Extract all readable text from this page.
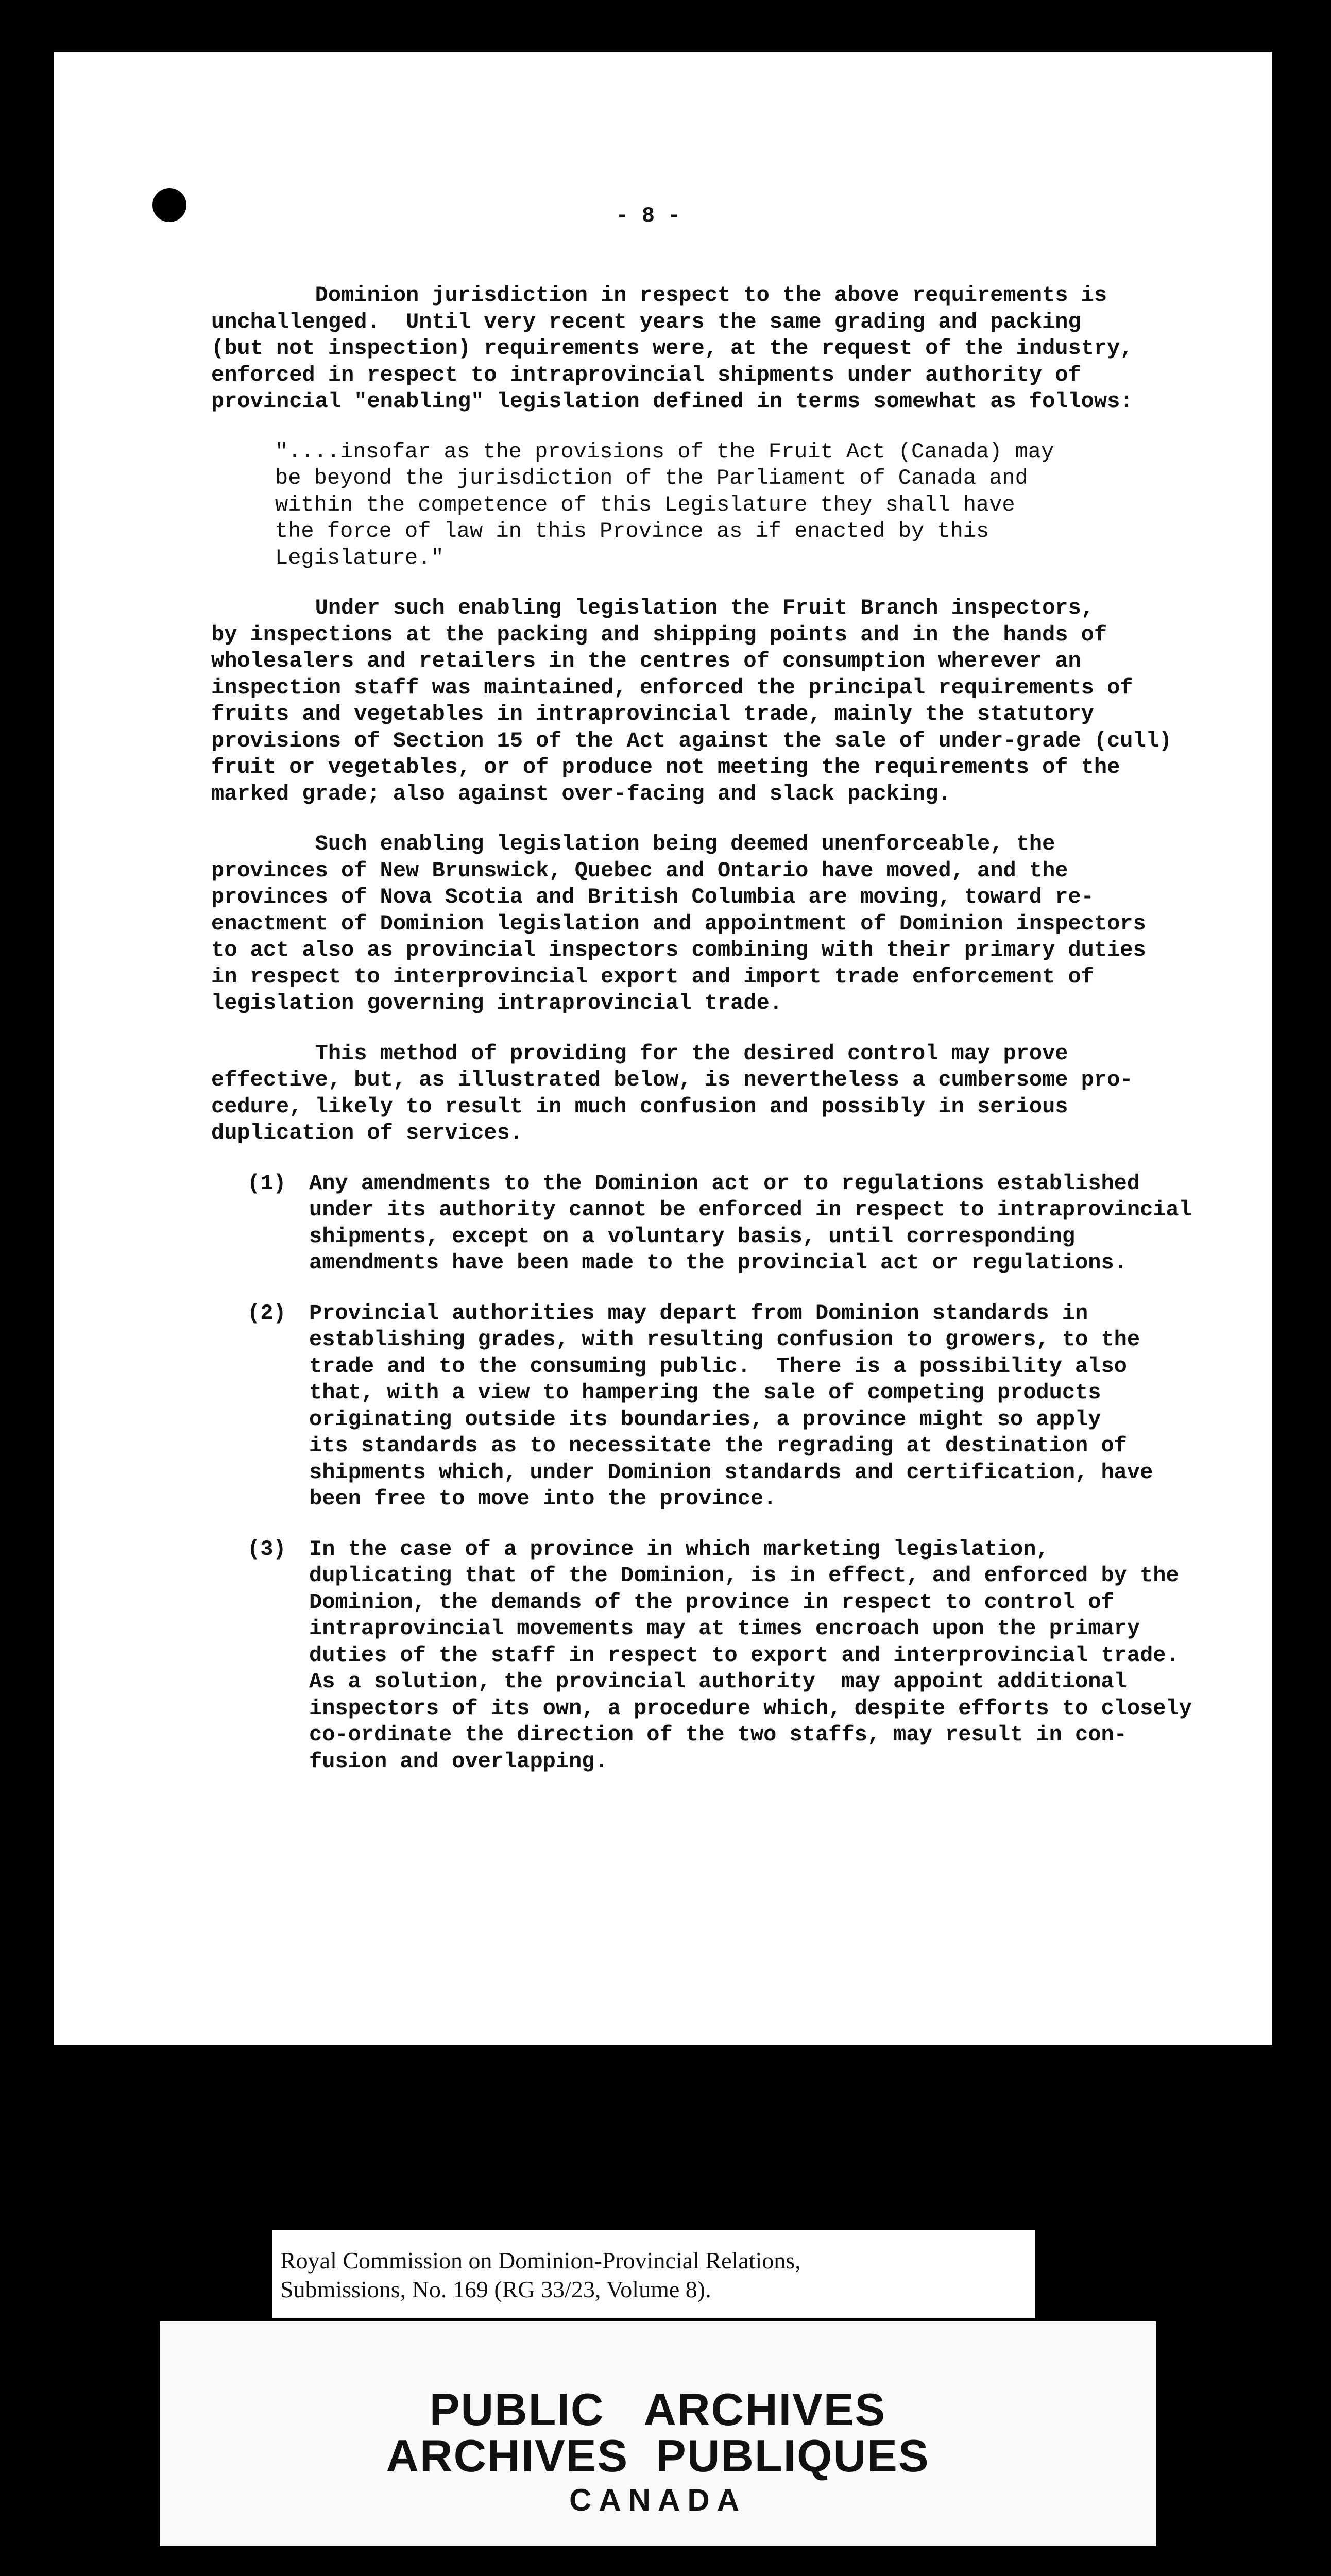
- 8 -

Dominion jurisdiction in respect to the above requirements is
unchallenged.  Until very recent years the same grading and packing
(but not inspection) requirements were, at the request of the industry,
enforced in respect to intraprovincial shipments under authority of
provincial "enabling" legislation defined in terms somewhat as follows:

"....insofar as the provisions of the Fruit Act (Canada) may
be beyond the jurisdiction of the Parliament of Canada and
within the competence of this Legislature they shall have
the force of law in this Province as if enacted by this
Legislature."

Under such enabling legislation the Fruit Branch inspectors,
by inspections at the packing and shipping points and in the hands of
wholesalers and retailers in the centres of consumption wherever an
inspection staff was maintained, enforced the principal requirements of
fruits and vegetables in intraprovincial trade, mainly the statutory
provisions of Section 15 of the Act against the sale of under-grade (cull)
fruit or vegetables, or of produce not meeting the requirements of the
marked grade; also against over-facing and slack packing.

Such enabling legislation being deemed unenforceable, the
provinces of New Brunswick, Quebec and Ontario have moved, and the
provinces of Nova Scotia and British Columbia are moving, toward re-
enactment of Dominion legislation and appointment of Dominion inspectors
to act also as provincial inspectors combining with their primary duties
in respect to interprovincial export and import trade enforcement of
legislation governing intraprovincial trade.

This method of providing for the desired control may prove
effective, but, as illustrated below, is nevertheless a cumbersome pro-
cedure, likely to result in much confusion and possibly in serious
duplication of services.

(1)	Any amendments to the Dominion act or to regulations established
under its authority cannot be enforced in respect to intraprovincial
shipments, except on a voluntary basis, until corresponding
amendments have been made to the provincial act or regulations.
(2)	Provincial authorities may depart from Dominion standards in
establishing grades, with resulting confusion to growers, to the
trade and to the consuming public.  There is a possibility also
that, with a view to hampering the sale of competing products
originating outside its boundaries, a province might so apply
its standards as to necessitate the regrading at destination of
shipments which, under Dominion standards and certification, have
been free to move into the province.
(3)	In the case of a province in which marketing legislation,
duplicating that of the Dominion, is in effect, and enforced by the
Dominion, the demands of the province in respect to control of
intraprovincial movements may at times encroach upon the primary
duties of the staff in respect to export and interprovincial trade.
As a solution, the provincial authority  may appoint additional
inspectors of its own, a procedure which, despite efforts to closely
co-ordinate the direction of the two staffs, may result in con-
fusion and overlapping.
Royal Commission on Dominion-Provincial Relations,
Submissions, No. 169 (RG 33/23, Volume 8).
PUBLIC   ARCHIVES
ARCHIVES  PUBLIQUES
CANADA
